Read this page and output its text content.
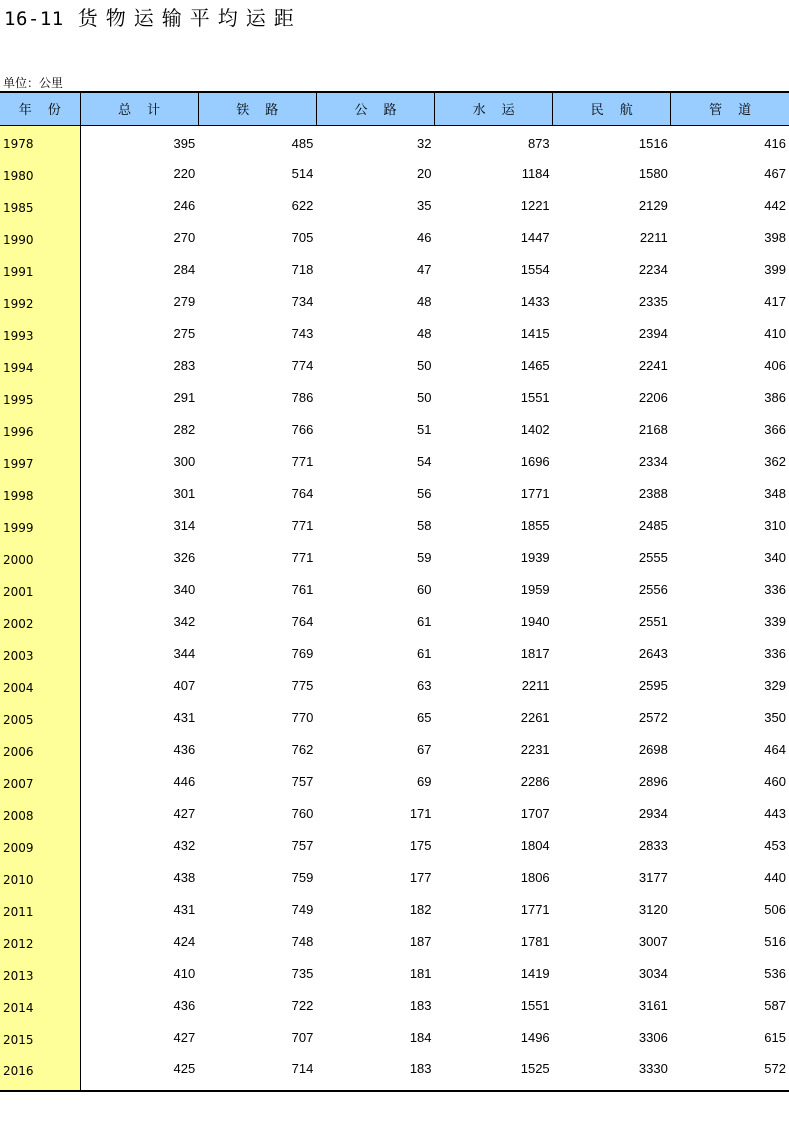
16-11 货物运输平均运距
单位：公里
年份	总计	铁路	公路	水运	民航	管道
1978	395	485	32	873	1516	416
1980	220	514	20	1184	1580	467
1985	246	622	35	1221	2129	442
1990	270	705	46	1447	2211	398
1991	284	718	47	1554	2234	399
1992	279	734	48	1433	2335	417
1993	275	743	48	1415	2394	410
1994	283	774	50	1465	2241	406
1995	291	786	50	1551	2206	386
1996	282	766	51	1402	2168	366
1997	300	771	54	1696	2334	362
1998	301	764	56	1771	2388	348
1999	314	771	58	1855	2485	310
2000	326	771	59	1939	2555	340
2001	340	761	60	1959	2556	336
2002	342	764	61	1940	2551	339
2003	344	769	61	1817	2643	336
2004	407	775	63	2211	2595	329
2005	431	770	65	2261	2572	350
2006	436	762	67	2231	2698	464
2007	446	757	69	2286	2896	460
2008	427	760	171	1707	2934	443
2009	432	757	175	1804	2833	453
2010	438	759	177	1806	3177	440
2011	431	749	182	1771	3120	506
2012	424	748	187	1781	3007	516
2013	410	735	181	1419	3034	536
2014	436	722	183	1551	3161	587
2015	427	707	184	1496	3306	615
2016	425	714	183	1525	3330	572
